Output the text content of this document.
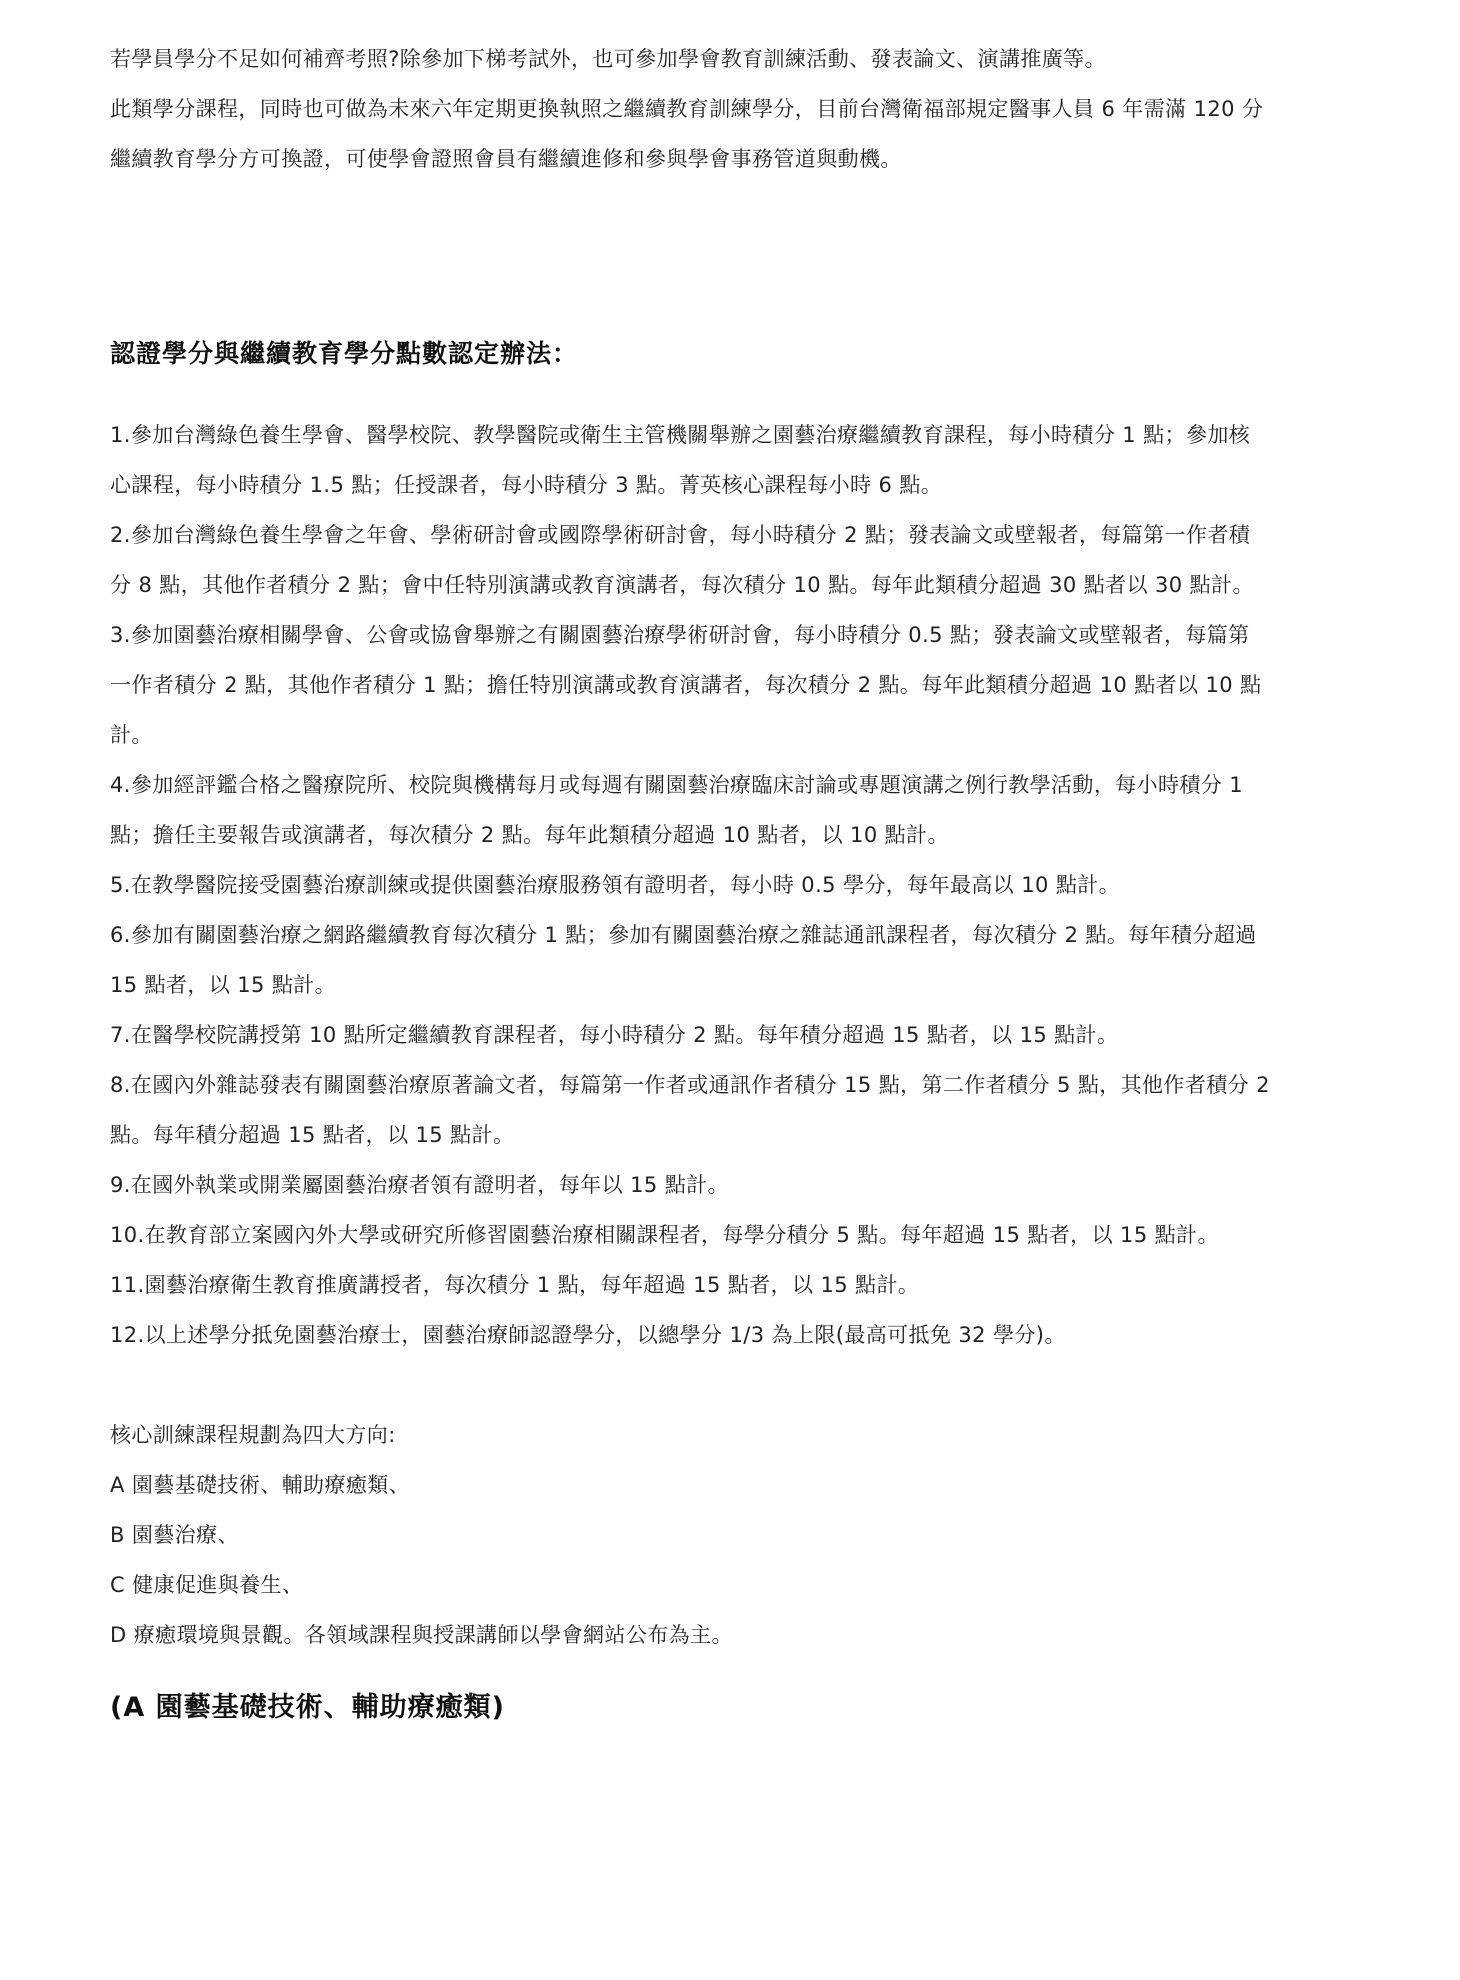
若學員學分不足如何補齊考照?除參加下梯考試外，也可參加學會教育訓練活動、發表論文、演講推廣等。

此類學分課程，同時也可做為未來六年定期更換執照之繼續教育訓練學分，目前台灣衛福部規定醫事人員 6 年需滿 120 分繼續教育學分方可換證，可使學會證照會員有繼續進修和參與學會事務管道與動機。

認證學分與繼續教育學分點數認定辦法：

1.參加台灣綠色養生學會、醫學校院、教學醫院或衛生主管機關舉辦之園藝治療繼續教育課程，每小時積分 1 點；參加核心課程，每小時積分 1.5 點；任授課者，每小時積分 3 點。菁英核心課程每小時 6 點。

2.參加台灣綠色養生學會之年會、學術研討會或國際學術研討會，每小時積分 2 點；發表論文或壁報者，每篇第一作者積分 8 點，其他作者積分 2 點；會中任特別演講或教育演講者，每次積分 10 點。每年此類積分超過 30 點者以 30 點計。

3.參加園藝治療相關學會、公會或協會舉辦之有關園藝治療學術研討會，每小時積分 0.5 點；發表論文或壁報者，每篇第一作者積分 2 點，其他作者積分 1 點；擔任特別演講或教育演講者，每次積分 2 點。每年此類積分超過 10 點者以 10 點計。

4.參加經評鑑合格之醫療院所、校院與機構每月或每週有關園藝治療臨床討論或專題演講之例行教學活動，每小時積分 1 點；擔任主要報告或演講者，每次積分 2 點。每年此類積分超過 10 點者，以 10 點計。

5.在教學醫院接受園藝治療訓練或提供園藝治療服務領有證明者，每小時 0.5 學分，每年最高以 10 點計。

6.參加有關園藝治療之網路繼續教育每次積分 1 點；參加有關園藝治療之雜誌通訊課程者，每次積分 2 點。每年積分超過 15 點者，以 15 點計。

7.在醫學校院講授第 10 點所定繼續教育課程者，每小時積分 2 點。每年積分超過 15 點者，以 15 點計。

8.在國內外雜誌發表有關園藝治療原著論文者，每篇第一作者或通訊作者積分 15 點，第二作者積分 5 點，其他作者積分 2 點。每年積分超過 15 點者，以 15 點計。

9.在國外執業或開業屬園藝治療者領有證明者，每年以 15 點計。

10.在教育部立案國內外大學或研究所修習園藝治療相關課程者，每學分積分 5 點。每年超過 15 點者，以 15 點計。

11.園藝治療衛生教育推廣講授者，每次積分 1 點，每年超過 15 點者，以 15 點計。

12.以上述學分抵免園藝治療士，園藝治療師認證學分，以總學分 1/3 為上限(最高可抵免 32 學分)。

核心訓練課程規劃為四大方向:

A 園藝基礎技術、輔助療癒類、

B 園藝治療、

C 健康促進與養生、

D 療癒環境與景觀。各領域課程與授課講師以學會網站公布為主。

(A 園藝基礎技術、輔助療癒類)
